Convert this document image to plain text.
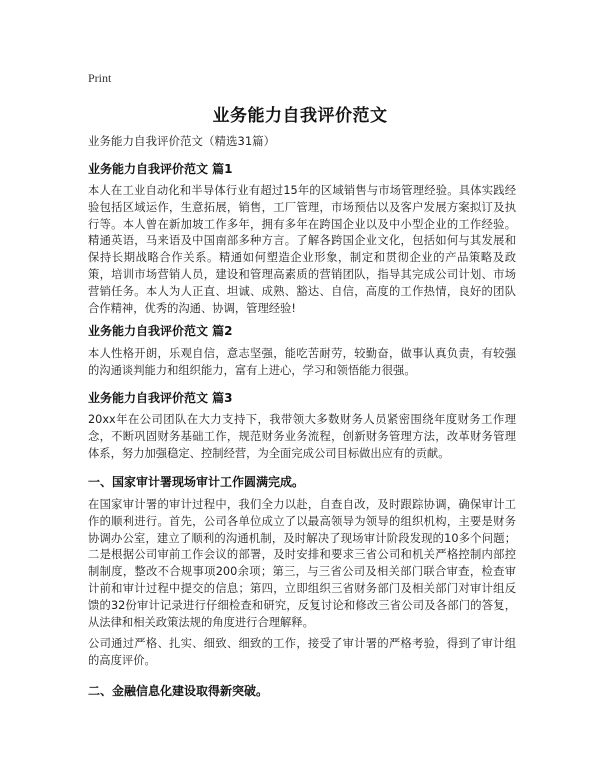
Print
业务能力自我评价范文
业务能力自我评价范文（精选31篇）
业务能力自我评价范文 篇1
本人在工业自动化和半导体行业有超过15年的区域销售与市场管理经验。具体实践经验包括区域运作，生意拓展，销售，工厂管理，市场预估以及客户发展方案拟订及执行等。本人曾在新加坡工作多年，拥有多年在跨国企业以及中小型企业的工作经验。精通英语，马来语及中国南部多种方言。了解各跨国企业文化，包括如何与其发展和保持长期战略合作关系。精通如何塑造企业形象，制定和贯彻企业的产品策略及政策，培训市场营销人员，建设和管理高素质的营销团队，指导其完成公司计划、市场营销任务。本人为人正直、坦诚、成熟、豁达、自信，高度的工作热情，良好的团队合作精神，优秀的沟通、协调，管理经验!
业务能力自我评价范文 篇2
本人性格开朗，乐观自信，意志坚强，能吃苦耐劳，较勤奋，做事认真负责，有较强的沟通谈判能力和组织能力，富有上进心，学习和领悟能力很强。
业务能力自我评价范文 篇3
20xx年在公司团队在大力支持下，我带领大多数财务人员紧密围绕年度财务工作理念，不断巩固财务基础工作，规范财务业务流程，创新财务管理方法，改革财务管理体系，努力加强稳定、控制经营，为全面完成公司目标做出应有的贡献。
一、国家审计署现场审计工作圆满完成。
在国家审计署的审计过程中，我们全力以赴，自查自改，及时跟踪协调，确保审计工作的顺利进行。首先，公司各单位成立了以最高领导为领导的组织机构，主要是财务协调办公室，建立了顺利的沟通机制，及时解决了现场审计阶段发现的10多个问题；二是根据公司审前工作会议的部署，及时安排和要求三省公司和机关严格控制内部控制制度，整改不合规事项200余项；第三，与三省公司及相关部门联合审查，检查审计前和审计过程中提交的信息；第四，立即组织三省财务部门及相关部门对审计组反馈的32份审计记录进行仔细检查和研究，反复讨论和修改三省公司及各部门的答复，从法律和相关政策法规的角度进行合理解释。
公司通过严格、扎实、细致、细致的工作，接受了审计署的严格考验，得到了审计组的高度评价。
二、金融信息化建设取得新突破。
